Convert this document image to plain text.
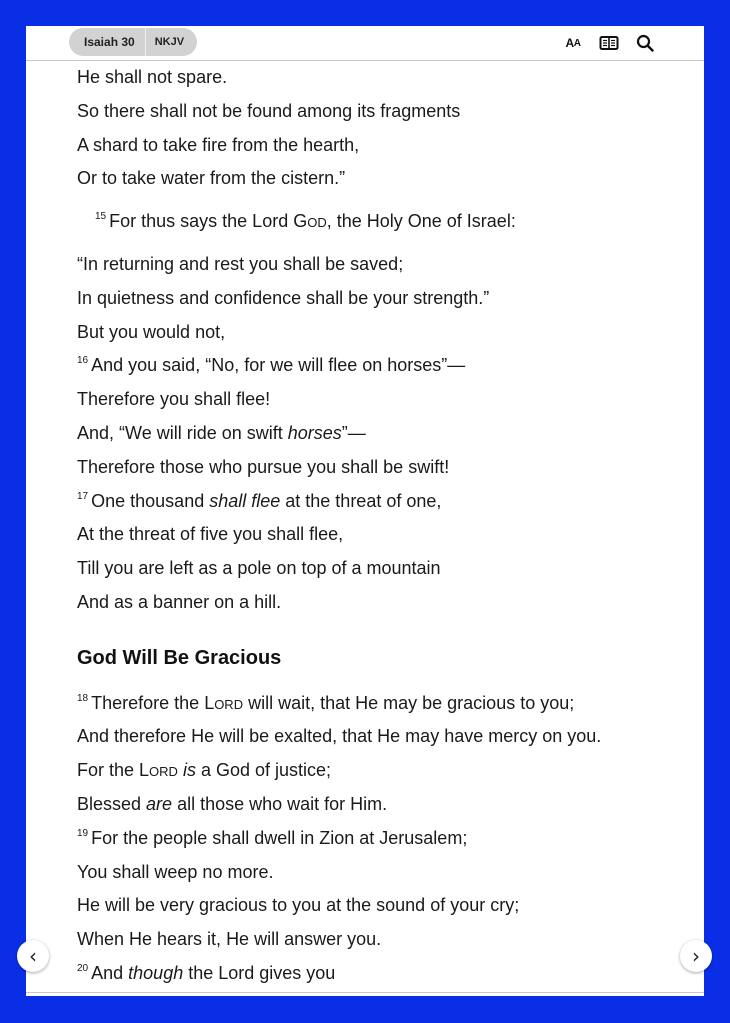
Isaiah 30	NKJV	A A
He shall not spare.
So there shall not be found among its fragments
A shard to take fire from the hearth,
Or to take water from the cistern.”
$^{15}$ For thus says the Lord God, the Holy One of Israel:
“In returning and rest you shall be saved;
In quietness and confidence shall be your strength.”
But you would not,
$^{16}$ And you said, “No, for we will flee on horses”—
Therefore you shall flee!
And, “We will ride on swift horses”—
Therefore those who pursue you shall be swift!
$^{17}$ One thousand shall flee at the threat of one,
At the threat of five you shall flee,
Till you are left as a pole on top of a mountain
And as a banner on a hill.
God Will Be Gracious
$^{18}$ Therefore the Lord will wait, that He may be gracious to you;
And therefore He will be exalted, that He may have mercy on you.
For the Lord is a God of justice;
Blessed are all those who wait for Him.
$^{19}$ For the people shall dwell in Zion at Jerusalem;
You shall weep no more.
He will be very gracious to you at the sound of your cry;
When He hears it, He will answer you.
$^{20}$ And though the Lord gives you
‹	›
